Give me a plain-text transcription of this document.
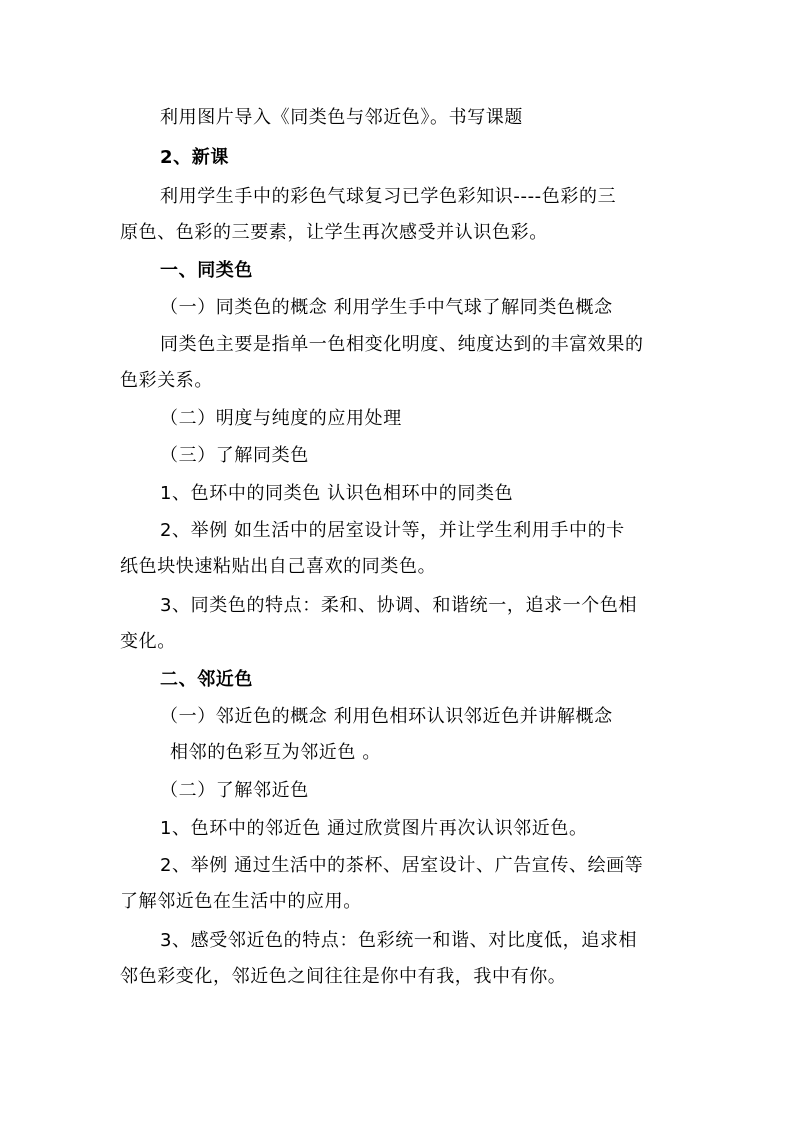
利用图片导入《同类色与邻近色》。书写课题
2、新课
利用学生手中的彩色气球复习已学色彩知识----色彩的三
原色、色彩的三要素，让学生再次感受并认识色彩。
一、同类色
（一）同类色的概念 利用学生手中气球了解同类色概念
同类色主要是指单一色相变化明度、纯度达到的丰富效果的
色彩关系。
（二）明度与纯度的应用处理
（三）了解同类色
1、色环中的同类色 认识色相环中的同类色
2、举例 如生活中的居室设计等，并让学生利用手中的卡
纸色块快速粘贴出自己喜欢的同类色。
3、同类色的特点：柔和、协调、和谐统一，追求一个色相
变化。
二、邻近色
（一）邻近色的概念 利用色相环认识邻近色并讲解概念
相邻的色彩互为邻近色 。
（二）了解邻近色
1、色环中的邻近色 通过欣赏图片再次认识邻近色。
2、举例 通过生活中的茶杯、居室设计、广告宣传、绘画等
了解邻近色在生活中的应用。
3、感受邻近色的特点：色彩统一和谐、对比度低，追求相
邻色彩变化，邻近色之间往往是你中有我，我中有你。
